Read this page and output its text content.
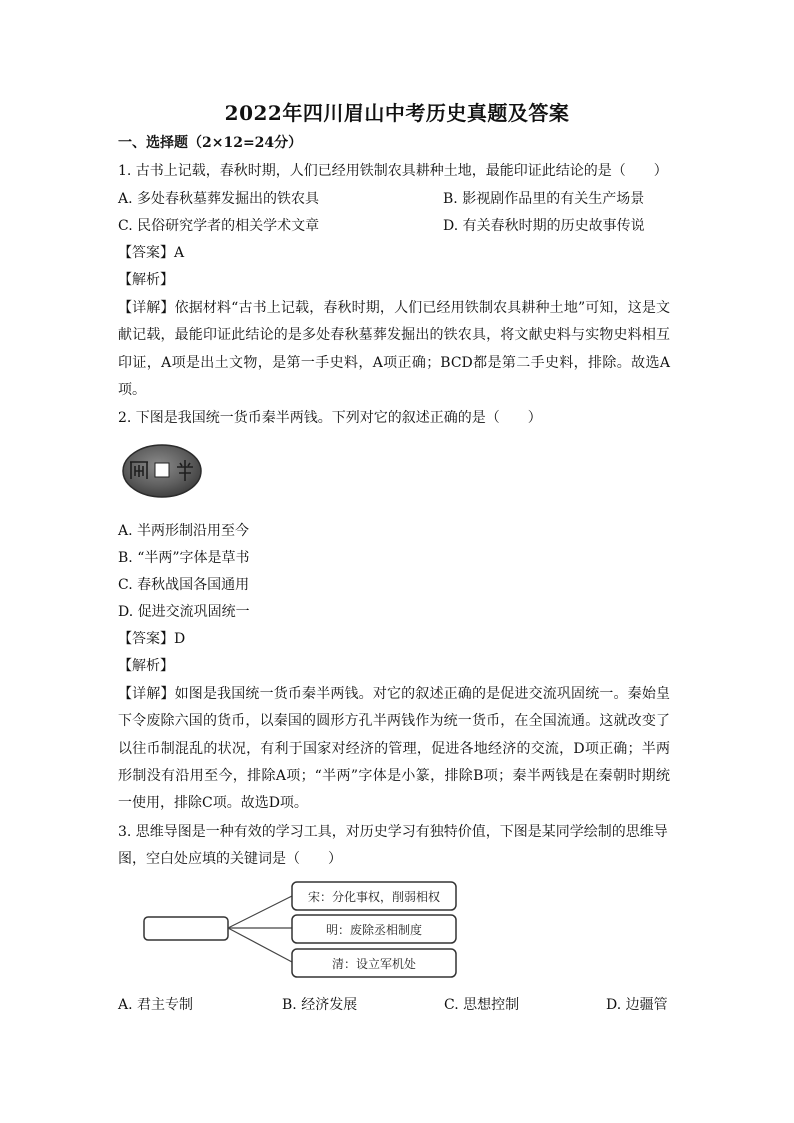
2022年四川眉山中考历史真题及答案
一、选择题（2×12=24分）
1. 古书上记载，春秋时期，人们已经用铁制农具耕种土地，最能印证此结论的是（　　）
A. 多处春秋墓葬发掘出的铁农具	B. 影视剧作品里的有关生产场景
C. 民俗研究学者的相关学术文章	D. 有关春秋时期的历史故事传说
【答案】A
【解析】
【详解】依据材料“古书上记载，春秋时期，人们已经用铁制农具耕种土地”可知，这是文献记载，最能印证此结论的是多处春秋墓葬发掘出的铁农具，将文献史料与实物史料相互印证，A项是出土文物，是第一手史料，A项正确；BCD都是第二手史料，排除。故选A项。
2. 下图是我国统一货币秦半两钱。下列对它的叙述正确的是（　　）
A. 半两形制沿用至今
B. “半两”字体是草书
C. 春秋战国各国通用
D. 促进交流巩固统一
【答案】D
【解析】
【详解】如图是我国统一货币秦半两钱。对它的叙述正确的是促进交流巩固统一。秦始皇下令废除六国的货币，以秦国的圆形方孔半两钱作为统一货币，在全国流通。这就改变了以往币制混乱的状况，有利于国家对经济的管理，促进各地经济的交流，D项正确；半两形制没有沿用至今，排除A项；“半两”字体是小篆，排除B项；秦半两钱是在秦朝时期统一使用，排除C项。故选D项。
3. 思维导图是一种有效的学习工具，对历史学习有独特价值，下图是某同学绘制的思维导
图，空白处应填的关键词是（　　）
宋：分化事权，削弱相权
明：废除丞相制度
清：设立军机处
A. 君主专制	B. 经济发展	C. 思想控制	D. 边疆管
